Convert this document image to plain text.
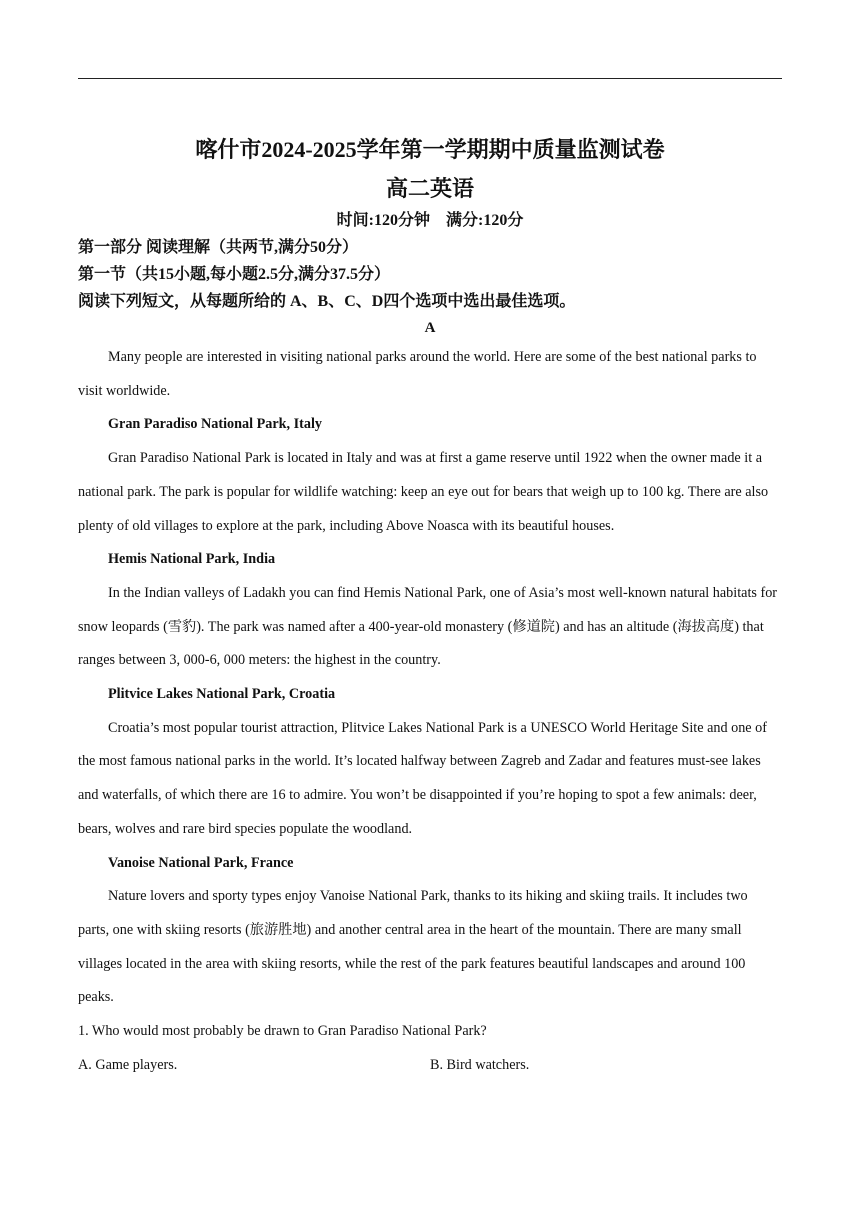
喀什市2024-2025学年第一学期期中质量监测试卷
高二英语
时间:120分钟　满分:120分
第一部分 阅读理解（共两节,满分50分）
第一节（共15小题,每小题2.5分,满分37.5分）
阅读下列短文，从每题所给的 A、B、C、D四个选项中选出最佳选项。
A

Many people are interested in visiting national parks around the world. Here are some of the best national parks to visit worldwide.

Gran Paradiso National Park, Italy

Gran Paradiso National Park is located in Italy and was at first a game reserve until 1922 when the owner made it a national park. The park is popular for wildlife watching: keep an eye out for bears that weigh up to 100 kg. There are also plenty of old villages to explore at the park, including Above Noasca with its beautiful houses.

Hemis National Park, India

In the Indian valleys of Ladakh you can find Hemis National Park, one of Asia’s most well-known natural habitats for snow leopards (雪豹). The park was named after a 400-year-old monastery (修道院) and has an altitude (海拔高度) that ranges between 3, 000-6, 000 meters: the highest in the country.

Plitvice Lakes National Park, Croatia

Croatia’s most popular tourist attraction, Plitvice Lakes National Park is a UNESCO World Heritage Site and one of the most famous national parks in the world. It’s located halfway between Zagreb and Zadar and features must-see lakes and waterfalls, of which there are 16 to admire. You won’t be disappointed if you’re hoping to spot a few animals: deer, bears, wolves and rare bird species populate the woodland.

Vanoise National Park, France

Nature lovers and sporty types enjoy Vanoise National Park, thanks to its hiking and skiing trails. It includes two parts, one with skiing resorts (旅游胜地) and another central area in the heart of the mountain. There are many small villages located in the area with skiing resorts, while the rest of the park features beautiful landscapes and around 100 peaks.

1. Who would most probably be drawn to Gran Paradiso National Park?

A. Game players.	B. Bird watchers.
